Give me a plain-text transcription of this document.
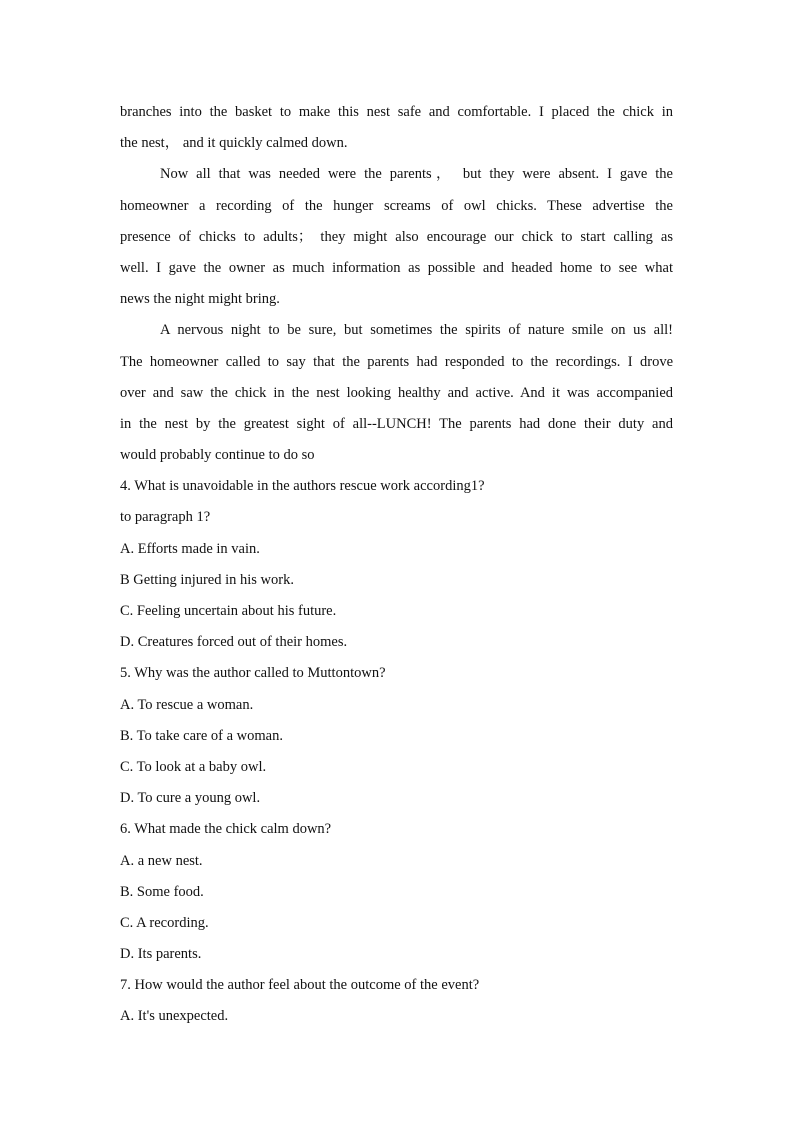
branches into the basket to make this nest safe and comfortable. I placed the chick in

the nest， and it quickly calmed down.

Now all that was needed were the parents， but they were absent. I gave the

homeowner a recording of the hunger screams of owl chicks. These advertise the

presence of chicks to adults； they might also encourage our chick to start calling as

well. I gave the owner as much information as possible and headed home to see what

news the night might bring.

A nervous night to be sure, but sometimes the spirits of nature smile on us all!

The homeowner called to say that the parents had responded to the recordings. I drove

over and saw the chick in the nest looking healthy and active. And it was accompanied

in the nest by the greatest sight of all--LUNCH! The parents had done their duty and

would probably continue to do so

4. What is unavoidable in the authors rescue work according1?

to paragraph 1?

A. Efforts made in vain.

B Getting injured in his work.

C. Feeling uncertain about his future.

D. Creatures forced out of their homes.

5. Why was the author called to Muttontown?

A. To rescue a woman.

B. To take care of a woman.

C. To look at a baby owl.

D. To cure a young owl.

6. What made the chick calm down?

A. a new nest.

B. Some food.

C. A recording.

D. Its parents.

7. How would the author feel about the outcome of the event?

A. It's unexpected.
